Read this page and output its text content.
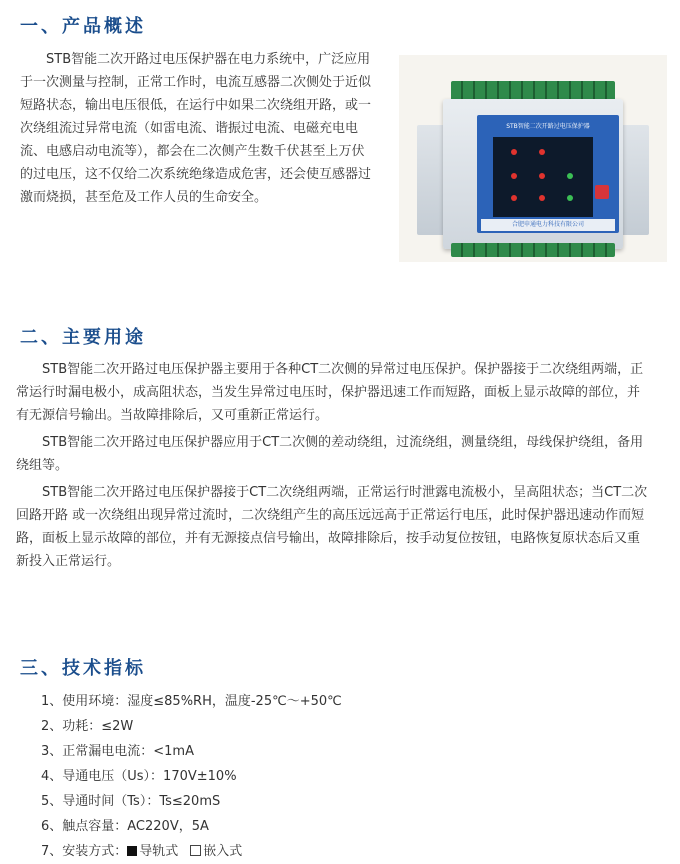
一、产品概述
STB智能二次开路过电压保护器在电力系统中，广泛应用
于一次测量与控制，正常工作时，电流互感器二次侧处于近似
短路状态，输出电压很低，在运行中如果二次绕组开路，或一
次绕组流过异常电流（如雷电流、谐振过电流、电磁充电电
流、电感启动电流等），都会在二次侧产生数千伏甚至上万伏
的过电压，这不仅给二次系统绝缘造成危害，还会使互感器过
激而烧损，甚至危及工作人员的生命安全。
STB智能二次开路过电压保护器
合肥申通电力科技有限公司
二、主要用途
STB智能二次开路过电压保护器主要用于各种CT二次侧的异常过电压保护。保护器接于二次绕组两端，正
常运行时漏电极小，成高阻状态，当发生异常过电压时，保护器迅速工作而短路，面板上显示故障的部位，并
有无源信号输出。当故障排除后，又可重新正常运行。
STB智能二次开路过电压保护器应用于CT二次侧的差动绕组，过流绕组，测量绕组，母线保护绕组，备用
绕组等。
STB智能二次开路过电压保护器接于CT二次绕组两端，正常运行时泄露电流极小，呈高阻状态；当CT二次
回路开路 或一次绕组出现异常过流时，二次绕组产生的高压远远高于正常运行电压，此时保护器迅速动作而短
路，面板上显示故障的部位，并有无源接点信号输出，故障排除后，按手动复位按钮，电路恢复原状态后又重
新投入正常运行。
三、技术指标
1、使用环境：湿度≤85%RH，温度-25℃～+50℃
2、功耗：≤2W
3、正常漏电电流：<1mA
4、导通电压（Us）：170V±10%
5、导通时间（Ts）：Ts≤20mS
6、触点容量：AC220V，5A
7、安装方式： 导轨式 嵌入式
